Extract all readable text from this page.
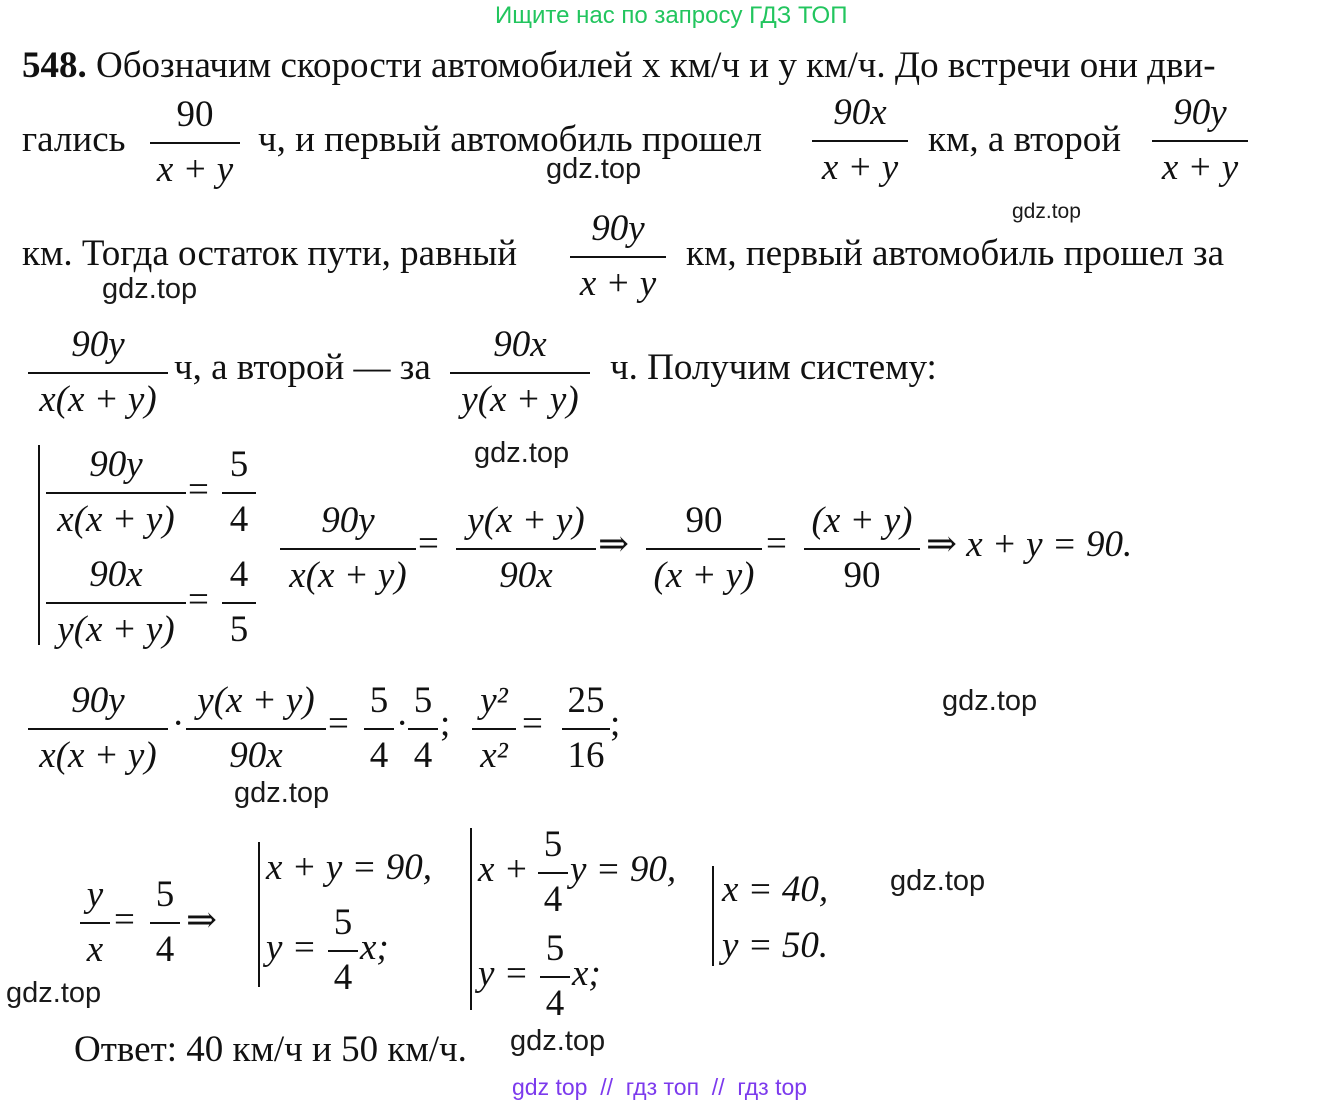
Ищите нас по запросу ГДЗ ТОП
548. Обозначим скорости автомобилей x км/ч и y км/ч. До встречи они дви-
гались
90
x + y
ч, и первый автомобиль прошел
90x
x + y
км, а второй
90y
x + y
км. Тогда остаток пути, равный
90y
x + y
км, первый автомобиль прошел за
90y
x(x + y)
ч, а второй — за
90x
y(x + y)
ч. Получим систему:
90y
x(x + y)
=
5
4
90x
y(x + y)
=
4
5
90y
x(x + y)
=
y(x + y)
90x
⇒
90
(x + y)
=
(x + y)
90
⇒ x + y = 90.
90y
x(x + y)
·
y(x + y)
90x
=
5
4
·
5
4
;
y²
x²
=
25
16
;
y
x
=
5
4
⇒
x + y = 90,
y =
5
4
x;
x +
5
4
y = 90,
y =
5
4
x;
x = 40,
y = 50.
Ответ: 40 км/ч и 50 км/ч.
gdz.top
gdz.top
gdz.top
gdz.top
gdz.top
gdz.top
gdz.top
gdz.top
gdz.top
gdz top  //  гдз топ  //  гдз top
